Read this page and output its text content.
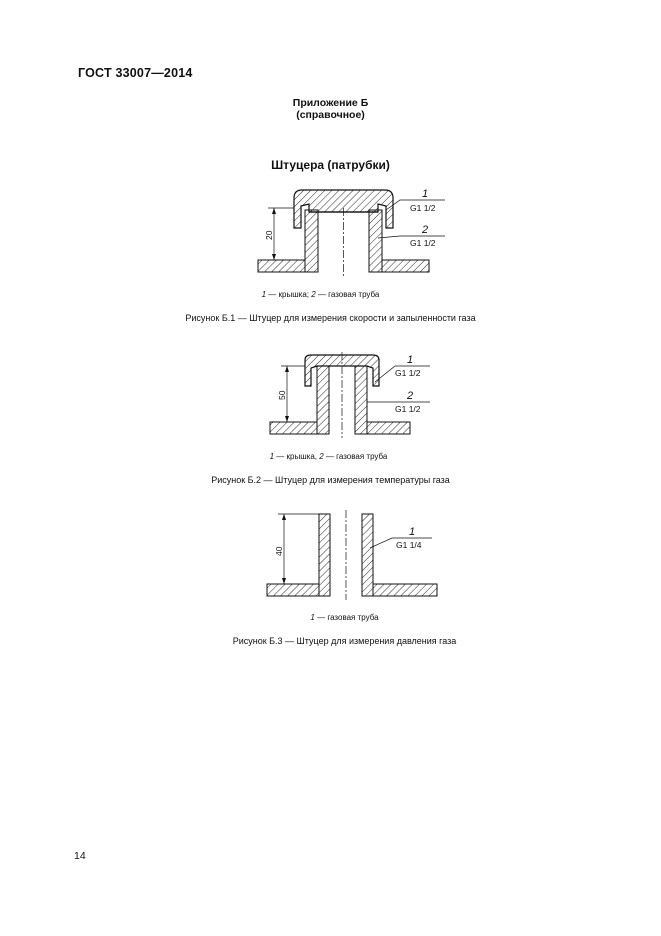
ГОСТ 33007—2014
Приложение Б
(справочное)
Штуцера (патрубки)
20
1
G1 1/2
2
G1 1/2
1 — крышка; 2 — газовая труба
Рисунок Б.1 — Штуцер для измерения скорости и запыленности газа
50
1
G1 1/2
2
G1 1/2
1 — крышка, 2 — газовая труба
Рисунок Б.2 — Штуцер для измерения температуры газа
40
1
G1 1/4
1 — газовая труба
Рисунок Б.3 — Штуцер для измерения давления газа
14
